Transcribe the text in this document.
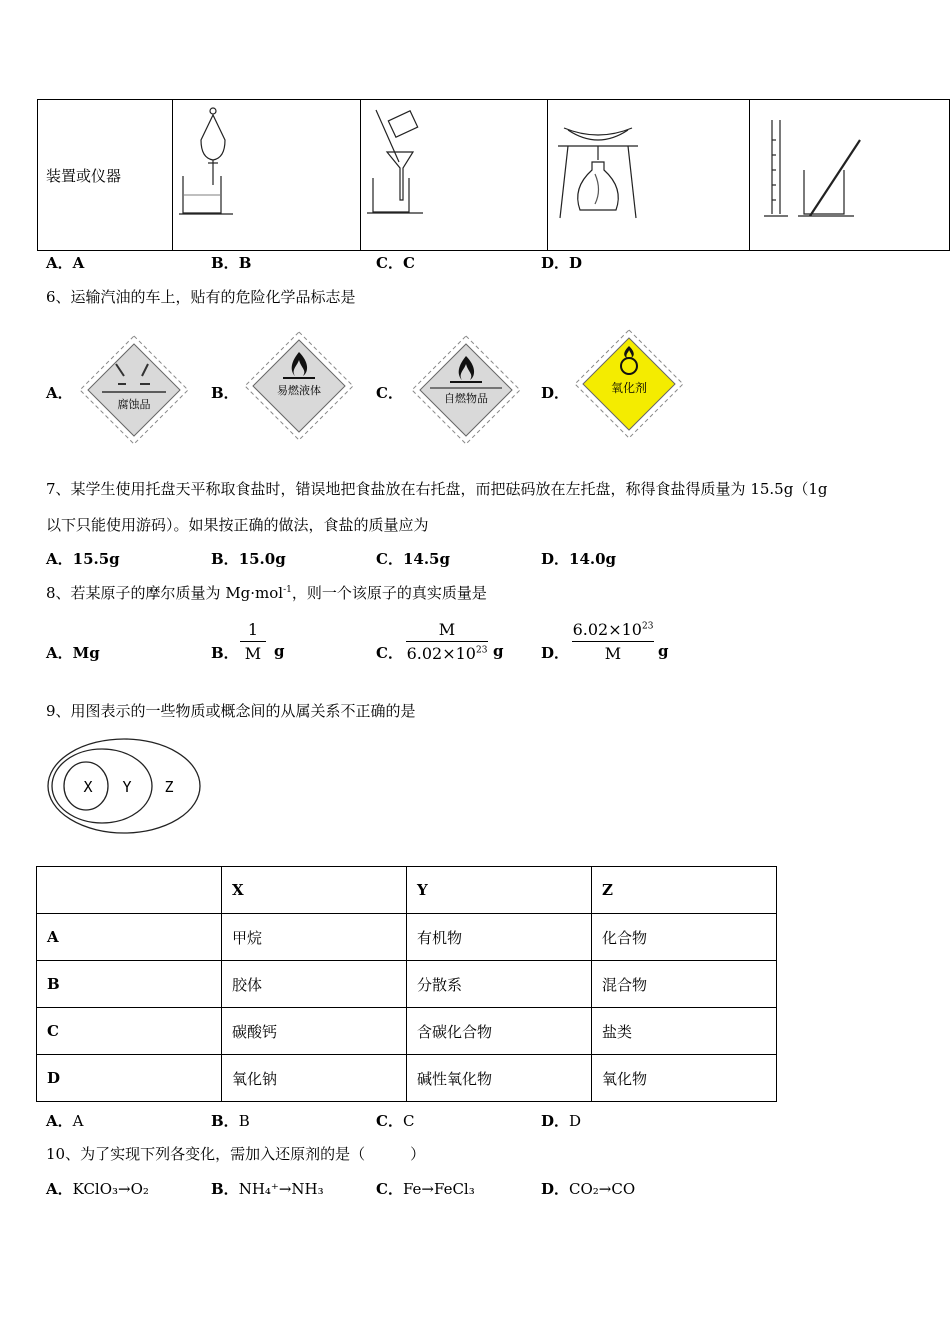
装置或仪器				
A．A	B．B	C．C	D．D
6、运输汽油的车上，贴有的危险化学品标志是
A．
腐蚀品
B．	易燃液体	C．	自燃物品	D．	氧化剂
7、某学生使用托盘天平称取食盐时，错误地把食盐放在右托盘，而把砝码放在左托盘，称得食盐得质量为 15.5g（1g
以下只能使用游码）。如果按正确的做法，食盐的质量应为
A．15.5g	B．15.0g	C．14.5g	D．14.0g
8、若某原子的摩尔质量为 Mg·mol$^{-1}$，则一个该原子的真实质量是
A．Mg	B．
1
M g	C．
M
$6.02\times 10^{23}$ g	D．
$6.02\times 10^{23}$
M	g
9、用图表示的一些物质或概念间的从属关系不正确的是
X Y Z
	X	Y	Z
A	甲烷	有机物	化合物
B	胶体	分散系	混合物
C	碳酸钙	含碳化合物	盐类
D	氧化钠	碱性氧化物	氧化物
A．A	B．B	C．C	D．D
10、为了实现下列各变化，需加入还原剂的是（　　　）
A．KClO₃→O₂	B．NH₄⁺→NH₃	C．Fe→FeCl₃	D．CO₂→CO
